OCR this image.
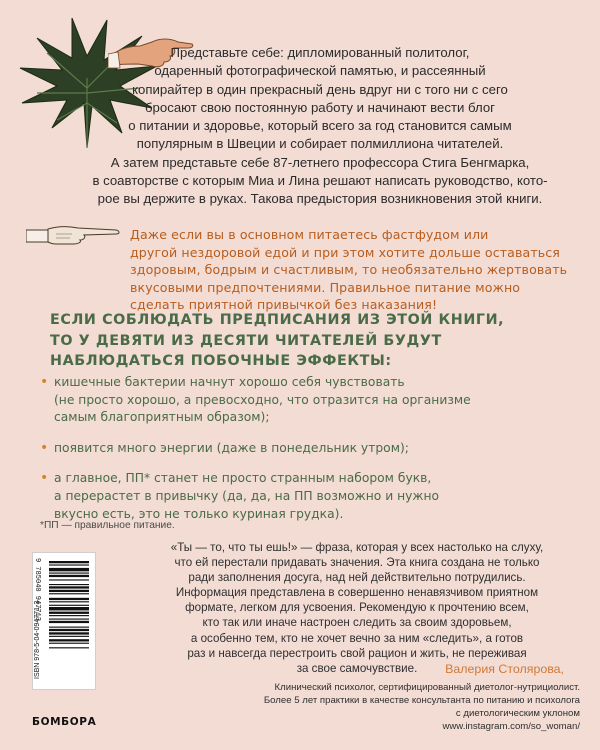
Представьте себе: дипломированный политолог,

одаренный фотографической памятью, и рассеянный

копирайтер в один прекрасный день вдруг ни с того ни с сего

бросают свою постоянную работу и начинают вести блог

о питании и здоровье, который всего за год становится самым

популярным в Швеции и собирает полмиллиона читателей.

А затем представьте себе 87-летнего профессора Стига Бенгмарка,

в соавторстве с которым Миа и Лина решают написать руководство, кото-

рое вы держите в руках. Такова предыстория возникновения этой книги.

Даже если вы в основном питаетесь фастфудом или

другой нездоровой едой и при этом хотите дольше оставаться

здоровым, бодрым и счастливым, то необязательно жертвовать

вкусовыми предпочтениями. Правильное питание можно

сделать приятной привычкой без наказания!

ЕСЛИ СОБЛЮДАТЬ ПРЕДПИСАНИЯ ИЗ ЭТОЙ КНИГИ,

ТО У ДЕВЯТИ ИЗ ДЕСЯТИ ЧИТАТЕЛЕЙ БУДУТ

НАБЛЮДАТЬСЯ ПОБОЧНЫЕ ЭФФЕКТЫ:

• кишечные бактерии начнут хорошо себя чувствовать

(не просто хорошо, а превосходно, что отразится на организме

самым благоприятным образом);

• появится много энергии (даже в понедельник утром);

• а главное, ПП* станет не просто странным набором букв,

а перерастет в привычку (да, да, на ПП возможно и нужно

вкусно есть, это не только куриная грудка).

*ПП — правильное питание.
ISBN 978-5-04-094771-3
9 785040 947713

«Ты — то, что ты ешь!» — фраза, которая у всех настолько на слуху,

что ей перестали придавать значения. Эта книга создана не только

ради заполнения досуга, над ней действительно потрудились.

Информация представлена в совершенно ненавязчивом приятном

формате, легком для усвоения. Рекомендую к прочтению всем,

кто так или иначе настроен следить за своим здоровьем,

а особенно тем, кто не хочет вечно за ним «следить», а готов

раз и навсегда перестроить свой рацион и жить, не переживая

за свое самочувствие.	Валерия Столярова,

Клинический психолог, сертифицированный диетолог-нутрициолист.

Более 5 лет практики в качестве консультанта по питанию и психолога

с диетологическим уклоном

www.instagram.com/so_woman/

БОМБОРА
